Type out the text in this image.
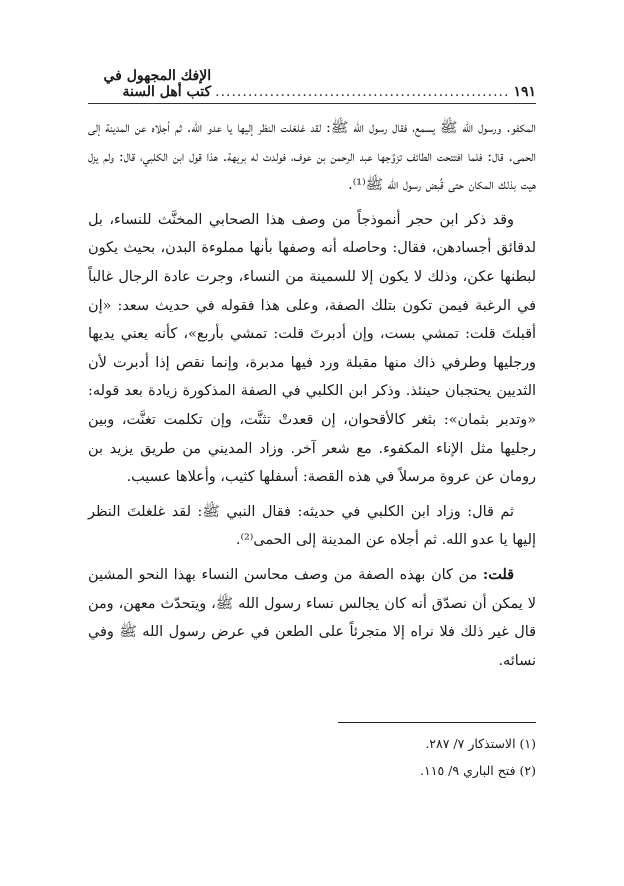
الإفك المجهول في كتب أهل السنة ...................................................... ١٩١

المكفو. ورسول الله ﷺ يسمع، فقال رسول الله ﷺ: لقد غلغلت النظر إليها يا عدو الله. ثم أجلاه عن المدينة إلى الحمى. قال: فلما افتتحت الطائف تزوَّجها عبد الرحمن بن عوف، فولدت له بريهة. هذا قول ابن الكلبي، قال: ولم يزل هيت بذلك المكان حتى قُبض رسول الله ﷺ⁽¹⁾.

وقد ذكر ابن حجر أنموذجاً من وصف هذا الصحابي المخنَّث للنساء، بل لدقائق أجسادهن، فقال: وحاصله أنه وصفها بأنها مملوءة البدن، بحيث يكون لبطنها عكن، وذلك لا يكون إلا للسمينة من النساء، وجرت عادة الرجال غالباً في الرغبة فيمن تكون بتلك الصفة، وعلى هذا فقوله في حديث سعد: «إن أقبلتَ قلت: تمشي بست، وإن أدبرتَ قلت: تمشي بأربع»، كأنه يعني يديها ورجليها وطرفي ذاك منها مقبلة ورد فيها مدبرة، وإنما نقص إذا أدبرت لأن الثديين يحتجبان حينئذ. وذكر ابن الكلبي في الصفة المذكورة زيادة بعد قوله: «وتدبر بثمان»: بثغر كالأقحوان، إن قعدتْ تثنَّت، وإن تكلمت تغنَّت، وبين رجليها مثل الإناء المكفوء. مع شعر آخر. وزاد المديني من طريق يزيد بن رومان عن عروة مرسلاً في هذه القصة: أسفلها كثيب، وأعلاها عسيب.

ثم قال: وزاد ابن الكلبي في حديثه: فقال النبي ﷺ: لقد غلغلتَ النظر إليها يا عدو الله. ثم أجلاه عن المدينة إلى الحمى⁽²⁾.

قلت: من كان بهذه الصفة من وصف محاسن النساء بهذا النحو المشين لا يمكن أن نصدّق أنه كان يجالس نساء رسول الله ﷺ، ويتحدّث معهن، ومن قال غير ذلك فلا نراه إلا متجرئاً على الطعن في عرض رسول الله ﷺ وفي نسائه.

(١) الاستذكار ٧/ ٢٨٧.
(٢) فتح الباري ٩/ ١١٥.
